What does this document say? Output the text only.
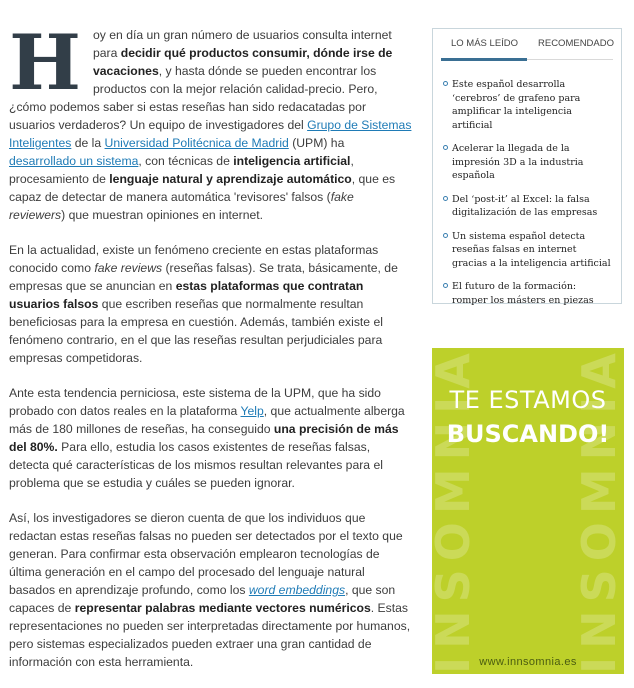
H oy en día un gran número de usuarios consulta internet para decidir qué productos consumir, dónde irse de vacaciones, y hasta dónde se pueden encontrar los productos con la mejor relación calidad-precio. Pero, ¿cómo podemos saber si estas reseñas han sido redacatadas por usuarios verdaderos? Un equipo de investigadores del Grupo de Sistemas Inteligentes de la Universidad Politécnica de Madrid (UPM) ha desarrollado un sistema, con técnicas de inteligencia artificial, procesamiento de lenguaje natural y aprendizaje automático, que es capaz de detectar de manera automática 'revisores' falsos (fake reviewers) que muestran opiniones en internet.

En la actualidad, existe un fenómeno creciente en estas plataformas conocido como fake reviews (reseñas falsas). Se trata, básicamente, de empresas que se anuncian en estas plataformas que contratan usuarios falsos que escriben reseñas que normalmente resultan beneficiosas para la empresa en cuestión. Además, también existe el fenómeno contrario, en el que las reseñas resultan perjudiciales para empresas competidoras.

Ante esta tendencia perniciosa, este sistema de la UPM, que ha sido probado con datos reales en la plataforma Yelp, que actualmente alberga más de 180 millones de reseñas, ha conseguido una precisión de más del 80%. Para ello, estudia los casos existentes de reseñas falsas, detecta qué características de los mismos resultan relevantes para el problema que se estudia y cuáles se pueden ignorar.

Así, los investigadores se dieron cuenta de que los individuos que redactan estas reseñas falsas no pueden ser detectados por el texto que generan. Para confirmar esta observación emplearon tecnologías de última generación en el campo del procesado del lenguaje natural basados en aprendizaje profundo, como los word embeddings, que son capaces de representar palabras mediante vectores numéricos. Estas representaciones no pueden ser interpretadas directamente por humanos, pero sistemas especializados pueden extraer una gran cantidad de información con esta herramienta.

LO MÁS LEÍDO RECOMENDADO
Este español desarrolla ‘cerebros’ de grafeno para amplificar la inteligencia artificial
Acelerar la llegada de la impresión 3D a la industria española
Del ‘post-it’ al Excel: la falsa digitalización de las empresas
Un sistema español detecta reseñas falsas en internet gracias a la inteligencia artificial
El futuro de la formación: romper los másters en piezas
INSOMNIA INSOMNIA
TE ESTAMOS
BUSCANDO!
www.innsomnia.es
